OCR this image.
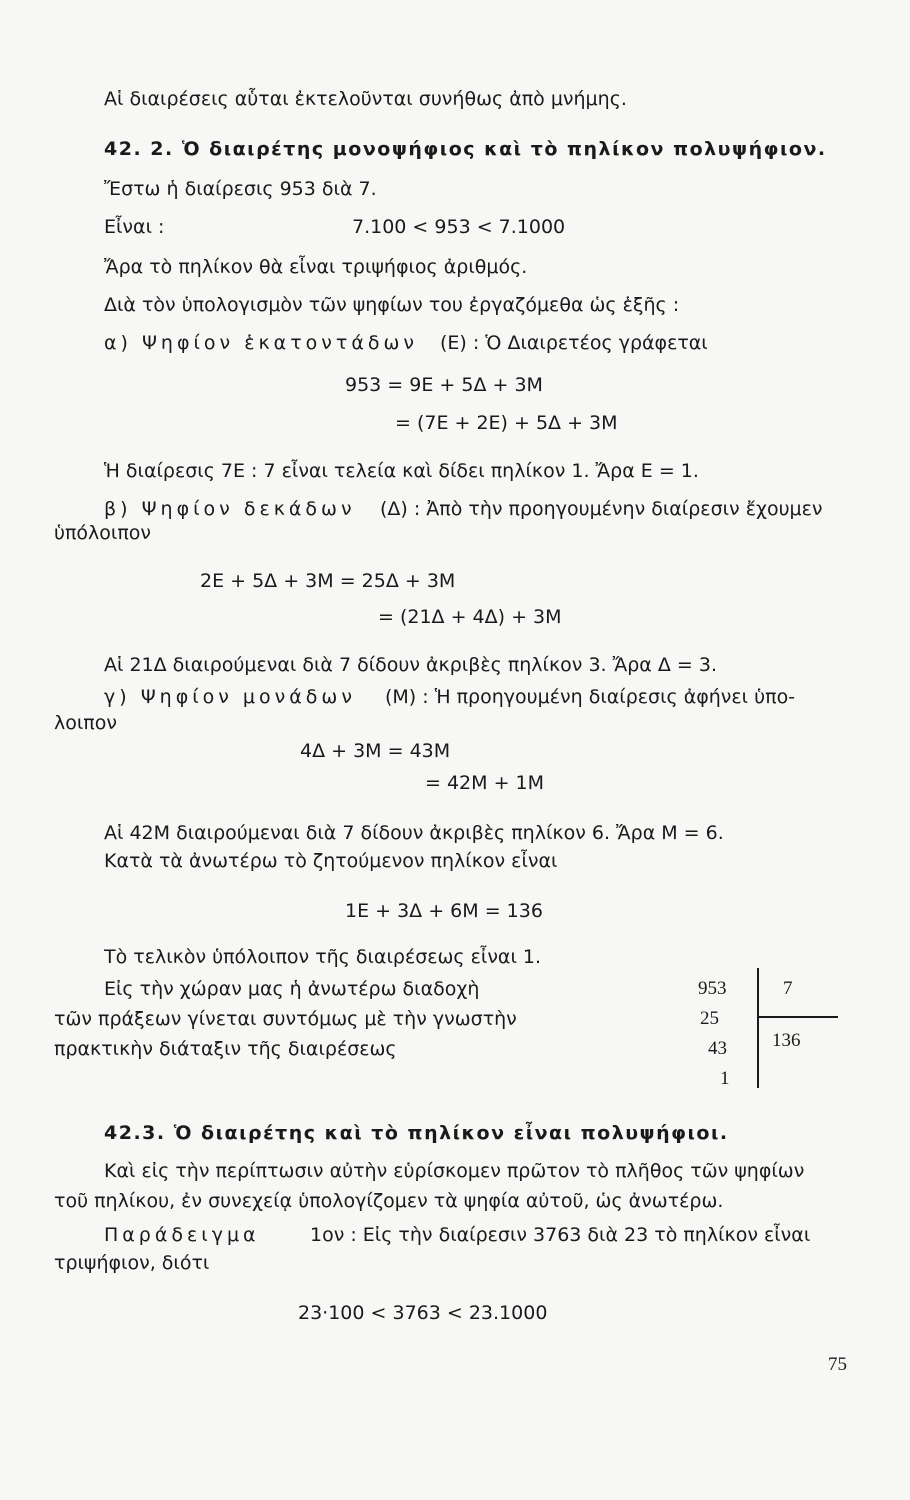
Αἱ διαιρέσεις αὗται ἐκτελοῦνται συνήθως ἀπὸ μνήμης.
42. 2. Ὁ διαιρέτης μονοψήφιος καὶ τὸ πηλίκον πολυψήφιον.
Ἔστω ἡ διαίρεσις 953 διὰ 7.
Εἶναι :	7.100 < 953 < 7.1000
Ἄρα τὸ πηλίκον θὰ εἶναι τριψήφιος ἀριθμός.
Διὰ τὸν ὑπολογισμὸν τῶν ψηφίων του ἐργαζόμεθα ὡς ἑξῆς :
α) Ψηφίον ἑκατοντάδων (Ε) : Ὁ Διαιρετέος γράφεται
953 = 9Ε + 5Δ + 3Μ
= (7Ε + 2Ε) + 5Δ + 3Μ
Ἡ διαίρεσις 7Ε : 7 εἶναι τελεία καὶ δίδει πηλίκον 1. Ἄρα Ε = 1.
β) Ψηφίον δεκάδων (Δ) : Ἀπὸ τὴν προηγουμένην διαίρεσιν ἔχουμεν
ὑπόλοιπον
2Ε + 5Δ + 3Μ = 25Δ + 3Μ
= (21Δ + 4Δ) + 3Μ
Αἱ 21Δ διαιρούμεναι διὰ 7 δίδουν ἀκριβὲς πηλίκον 3. Ἄρα Δ = 3.
γ) Ψηφίον μονάδων (Μ) : Ἡ προηγουμένη διαίρεσις ἀφήνει ὑπο-
λοιπον
4Δ + 3Μ = 43Μ
= 42Μ + 1Μ
Αἱ 42Μ διαιρούμεναι διὰ 7 δίδουν ἀκριβὲς πηλίκον 6. Ἄρα Μ = 6.
Κατὰ τὰ ἀνωτέρω τὸ ζητούμενον πηλίκον εἶναι
1Ε + 3Δ + 6Μ = 136
Τὸ τελικὸν ὑπόλοιπον τῆς διαιρέσεως εἶναι 1.
Εἰς τὴν χώραν μας ἡ ἀνωτέρω διαδοχὴ
τῶν πράξεων γίνεται συντόμως μὲ τὴν γνωστὴν
πρακτικὴν διάταξιν τῆς διαιρέσεως
953
25
43
1
7
136
42.3. Ὁ διαιρέτης καὶ τὸ πηλίκον εἶναι πολυψήφιοι.
Καὶ εἰς τὴν περίπτωσιν αὐτὴν εὑρίσκομεν πρῶτον τὸ πλῆθος τῶν ψηφίων
τοῦ πηλίκου, ἐν συνεχείᾳ ὑπολογίζομεν τὰ ψηφία αὐτοῦ, ὡς ἀνωτέρω.
Παράδειγμα	1ον : Εἰς τὴν διαίρεσιν 3763 διὰ 23 τὸ πηλίκον εἶναι
τριψήφιον, διότι
23·100 < 3763 < 23.1000
75
